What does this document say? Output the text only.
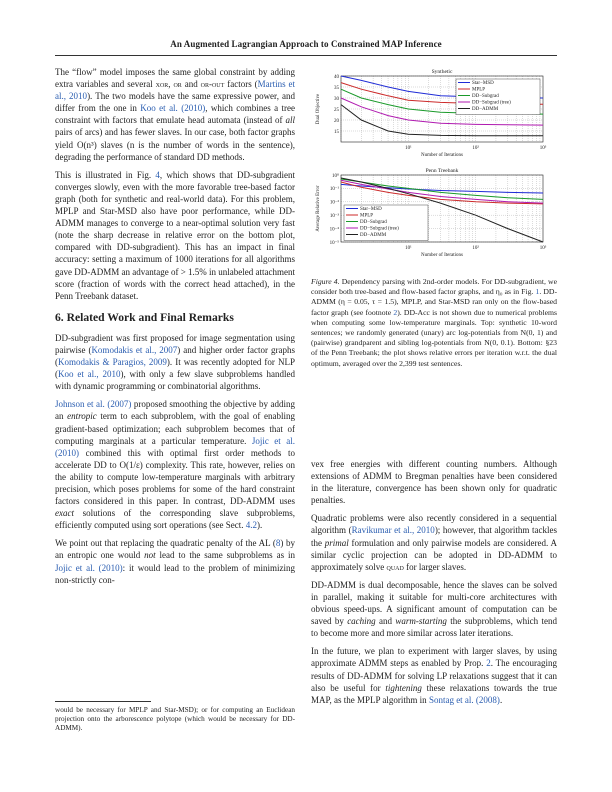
An Augmented Lagrangian Approach to Constrained MAP Inference

The “flow” model imposes the same global constraint by adding extra variables and several xor, or and or-out factors (Martins et al., 2010). The two models have the same expressive power, and differ from the one in Koo et al. (2010), which combines a tree constraint with factors that emulate head automata (instead of all pairs of arcs) and has fewer slaves. In our case, both factor graphs yield O(n³) slaves (n is the number of words in the sentence), degrading the performance of standard DD methods.

This is illustrated in Fig. 4, which shows that DD-subgradient converges slowly, even with the more favorable tree-based factor graph (both for synthetic and real-world data). For this problem, MPLP and Star-MSD also have poor performance, while DD-ADMM manages to converge to a near-optimal solution very fast (note the sharp decrease in relative error on the bottom plot, compared with DD-subgradient). This has an impact in final accuracy: setting a maximum of 1000 iterations for all algorithms gave DD-ADMM an advantage of > 1.5% in unlabeled attachment score (fraction of words with the correct head attached), in the Penn Treebank dataset.

6. Related Work and Final Remarks

DD-subgradient was first proposed for image segmentation using pairwise (Komodakis et al., 2007) and higher order factor graphs (Komodakis & Paragios, 2009). It was recently adopted for NLP (Koo et al., 2010), with only a few slave subproblems handled with dynamic programming or combinatorial algorithms.

Johnson et al. (2007) proposed smoothing the objective by adding an entropic term to each subproblem, with the goal of enabling gradient-based optimization; each subproblem becomes that of computing marginals at a particular temperature. Jojic et al. (2010) combined this with optimal first order methods to accelerate DD to O(1/ε) complexity. This rate, however, relies on the ability to compute low-temperature marginals with arbitrary precision, which poses problems for some of the hard constraint factors considered in this paper. In contrast, DD-ADMM uses exact solutions of the corresponding slave subproblems, efficiently computed using sort operations (see Sect. 4.2).

We point out that replacing the quadratic penalty of the AL (8) by an entropic one would not lead to the same subproblems as in Jojic et al. (2010): it would lead to the problem of minimizing non-strictly con-

would be necessary for MPLP and Star-MSD); or for computing an Euclidean projection onto the arborescence polytope (which would be necessary for DD-ADMM).
Synthetic
15
20
25
30
35
40
10¹	10²	10³
Number of Iterations
Dual Objective
Star−MSD
MPLP
DD−Subgrad
DD−Subgrad (tree)
DD−ADMM
Penn Treebank
10⁰
10⁻¹
10⁻²
10⁻³
10⁻⁴
10⁻⁵
10¹	10²	10³
Number of Iterations
Average Relative Error	Star−MSD
MPLP
DD−Subgrad
DD−Subgrad (tree)
DD−ADMM
Figure 4. Dependency parsing with 2nd-order models. For DD-subgradient, we consider both tree-based and flow-based factor graphs, and η₀ as in Fig. 1. DD-ADMM (η = 0.05, τ = 1.5), MPLP, and Star-MSD ran only on the flow-based factor graph (see footnote 2). DD-Acc is not shown due to numerical problems when computing some low-temperature marginals. Top: synthetic 10-word sentences; we randomly generated (unary) arc log-potentials from N(0, 1) and (pairwise) grandparent and sibling log-potentials from N(0, 0.1). Bottom: §23 of the Penn Treebank; the plot shows relative errors per iteration w.r.t. the dual optimum, averaged over the 2,399 test sentences.

vex free energies with different counting numbers. Although extensions of ADMM to Bregman penalties have been considered in the literature, convergence has been shown only for quadratic penalties.

Quadratic problems were also recently considered in a sequential algorithm (Ravikumar et al., 2010); however, that algorithm tackles the primal formulation and only pairwise models are considered. A similar cyclic projection can be adopted in DD-ADMM to approximately solve quad for larger slaves.

DD-ADMM is dual decomposable, hence the slaves can be solved in parallel, making it suitable for multi-core architectures with obvious speed-ups. A significant amount of computation can be saved by caching and warm-starting the subproblems, which tend to become more and more similar across later iterations.

In the future, we plan to experiment with larger slaves, by using approximate ADMM steps as enabled by Prop. 2. The encouraging results of DD-ADMM for solving LP relaxations suggest that it can also be useful for tightening these relaxations towards the true MAP, as the MPLP algorithm in Sontag et al. (2008).
